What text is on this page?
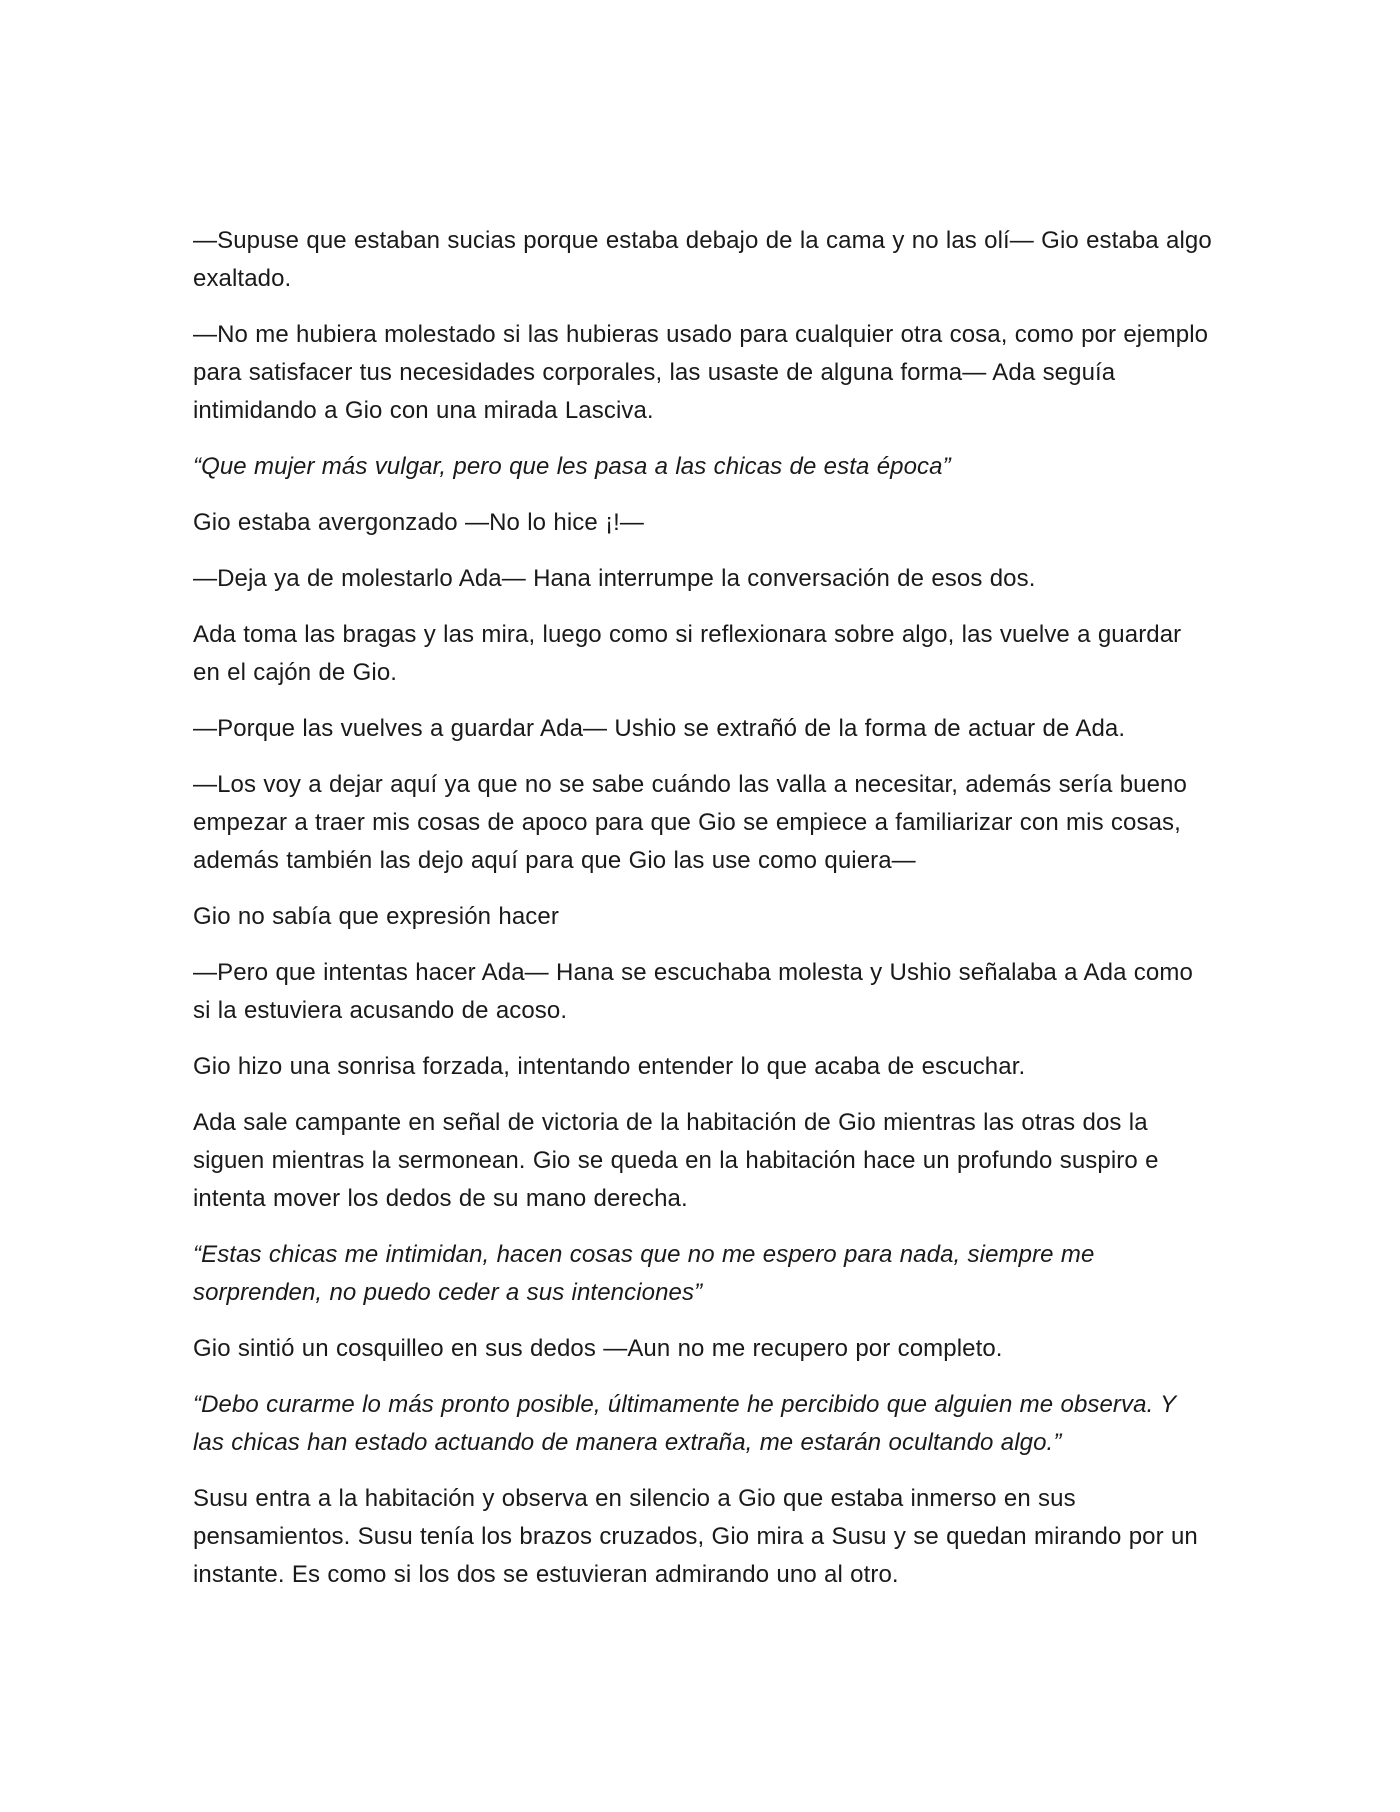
—Supuse que estaban sucias porque estaba debajo de la cama y no las olí— Gio estaba algo exaltado.

—No me hubiera molestado si las hubieras usado para cualquier otra cosa, como por ejemplo para satisfacer tus necesidades corporales, las usaste de alguna forma— Ada seguía intimidando a Gio con una mirada Lasciva.

“Que mujer más vulgar, pero que les pasa a las chicas de esta época”

Gio estaba avergonzado —No lo hice ¡!—

—Deja ya de molestarlo Ada— Hana interrumpe la conversación de esos dos.

Ada toma las bragas y las mira, luego como si reflexionara sobre algo, las vuelve a guardar en el cajón de Gio.

—Porque las vuelves a guardar Ada— Ushio se extrañó de la forma de actuar de Ada.

—Los voy a dejar aquí ya que no se sabe cuándo las valla a necesitar, además sería bueno empezar a traer mis cosas de apoco para que Gio se empiece a familiarizar con mis cosas, además también las dejo aquí para que Gio las use como quiera—

Gio no sabía que expresión hacer

—Pero que intentas hacer Ada— Hana se escuchaba molesta y Ushio señalaba a Ada como si la estuviera acusando de acoso.

Gio hizo una sonrisa forzada, intentando entender lo que acaba de escuchar.

Ada sale campante en señal de victoria de la habitación de Gio mientras las otras dos la siguen mientras la sermonean. Gio se queda en la habitación hace un profundo suspiro e intenta mover los dedos de su mano derecha.

“Estas chicas me intimidan, hacen cosas que no me espero para nada, siempre me sorprenden, no puedo ceder a sus intenciones”

Gio sintió un cosquilleo en sus dedos —Aun no me recupero por completo.

“Debo curarme lo más pronto posible, últimamente he percibido que alguien me observa. Y las chicas han estado actuando de manera extraña, me estarán ocultando algo.”

Susu entra a la habitación y observa en silencio a Gio que estaba inmerso en sus pensamientos. Susu tenía los brazos cruzados, Gio mira a Susu y se quedan mirando por un instante. Es como si los dos se estuvieran admirando uno al otro.
